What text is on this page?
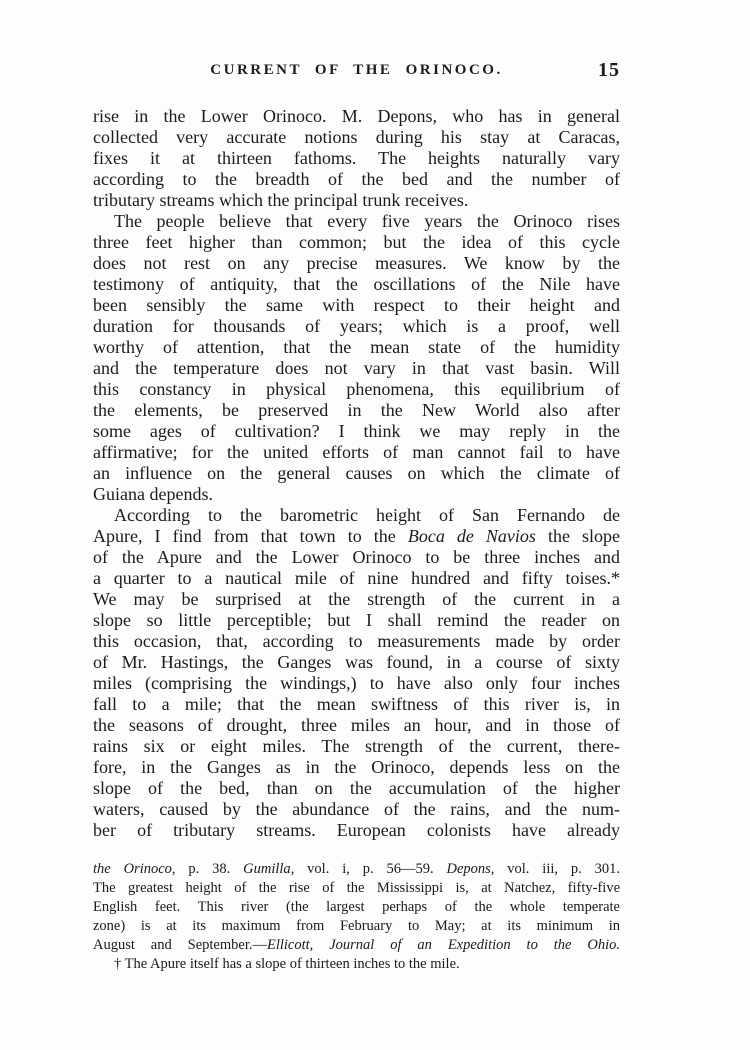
CURRENT OF THE ORINOCO.	15
rise in the Lower Orinoco. M. Depons, who has in general
collected very accurate notions during his stay at Caracas,
fixes it at thirteen fathoms. The heights naturally vary
according to the breadth of the bed and the number of
tributary streams which the principal trunk receives.
The people believe that every five years the Orinoco rises
three feet higher than common; but the idea of this cycle
does not rest on any precise measures. We know by the
testimony of antiquity, that the oscillations of the Nile have
been sensibly the same with respect to their height and
duration for thousands of years; which is a proof, well
worthy of attention, that the mean state of the humidity
and the temperature does not vary in that vast basin. Will
this constancy in physical phenomena, this equilibrium of
the elements, be preserved in the New World also after
some ages of cultivation? I think we may reply in the
affirmative; for the united efforts of man cannot fail to have
an influence on the general causes on which the climate of
Guiana depends.
According to the barometric height of San Fernando de
Apure, I find from that town to the Boca de Navios the slope
of the Apure and the Lower Orinoco to be three inches and
a quarter to a nautical mile of nine hundred and fifty toises.*
We may be surprised at the strength of the current in a
slope so little perceptible; but I shall remind the reader on
this occasion, that, according to measurements made by order
of Mr. Hastings, the Ganges was found, in a course of sixty
miles (comprising the windings,) to have also only four inches
fall to a mile; that the mean swiftness of this river is, in
the seasons of drought, three miles an hour, and in those of
rains six or eight miles. The strength of the current, there-
fore, in the Ganges as in the Orinoco, depends less on the
slope of the bed, than on the accumulation of the higher
waters, caused by the abundance of the rains, and the num-
ber of tributary streams. European colonists have already
the Orinoco, p. 38. Gumilla, vol. i, p. 56—59. Depons, vol. iii, p. 301.
The greatest height of the rise of the Mississippi is, at Natchez, fifty-five
English feet. This river (the largest perhaps of the whole temperate
zone) is at its maximum from February to May; at its minimum in
August and September.—Ellicott, Journal of an Expedition to the Ohio.
† The Apure itself has a slope of thirteen inches to the mile.
